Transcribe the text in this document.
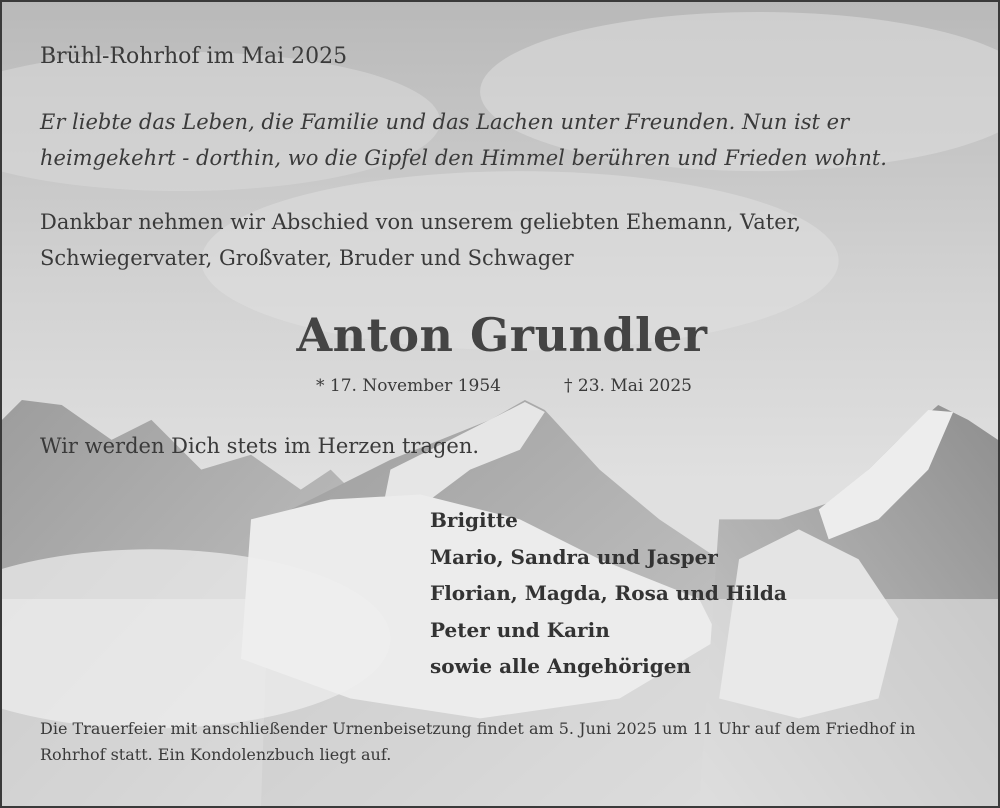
Brühl-Rohrhof im Mai 2025
Er liebte das Leben, die Familie und das Lachen unter Freunden. Nun ist er heimgekehrt - dorthin, wo die Gipfel den Himmel berühren und Frieden wohnt.
Dankbar nehmen wir Abschied von unserem geliebten Ehemann, Vater, Schwiegervater, Großvater, Bruder und Schwager
Anton Grundler
* 17. November 1954	† 23. Mai 2025
Wir werden Dich stets im Herzen tragen.
Brigitte
Mario, Sandra und Jasper
Florian, Magda, Rosa und Hilda
Peter und Karin
sowie alle Angehörigen
Die Trauerfeier mit anschließender Urnenbeisetzung findet am 5. Juni 2025 um 11 Uhr auf dem Friedhof in Rohrhof statt. Ein Kondolenzbuch liegt auf.
